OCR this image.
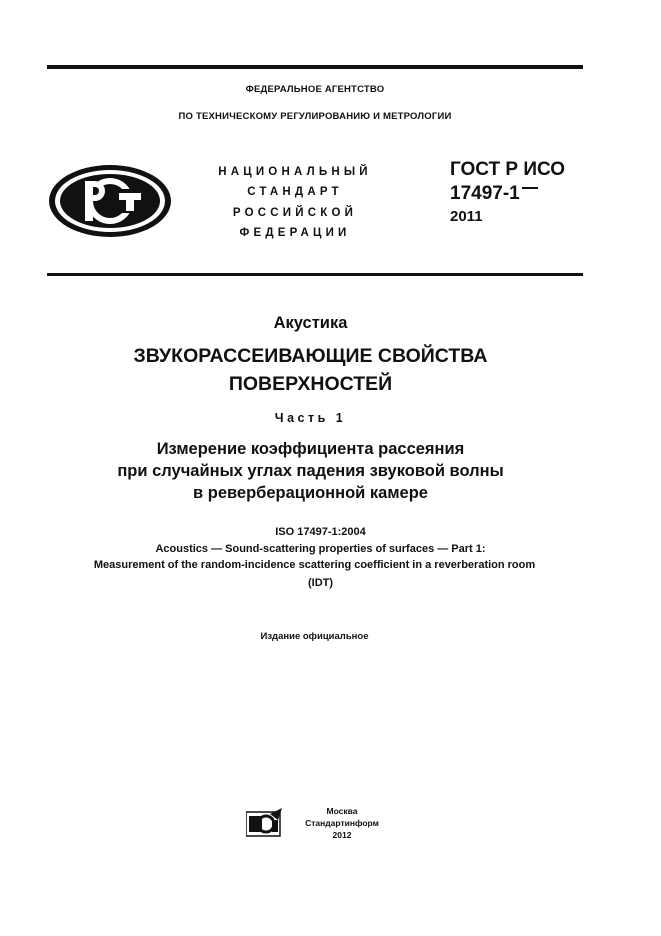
ФЕДЕРАЛЬНОЕ АГЕНТСТВО
ПО ТЕХНИЧЕСКОМУ РЕГУЛИРОВАНИЮ И МЕТРОЛОГИИ
НАЦИОНАЛЬНЫЙ
СТАНДАРТ
РОССИЙСКОЙ
ФЕДЕРАЦИИ
ГОСТ Р ИСО
17497-1
2011
Акустика
ЗВУКОРАССЕИВАЮЩИЕ СВОЙСТВА
ПОВЕРХНОСТЕЙ
Часть 1
Измерение коэффициента рассеяния
при случайных углах падения звуковой волны
в реверберационной камере
ISO 17497-1:2004
Acoustics — Sound-scattering properties of surfaces — Part 1:
Measurement of the random-incidence scattering coefficient in a reverberation room
(IDT)
Издание официальное
Москва
Стандартинформ
2012
